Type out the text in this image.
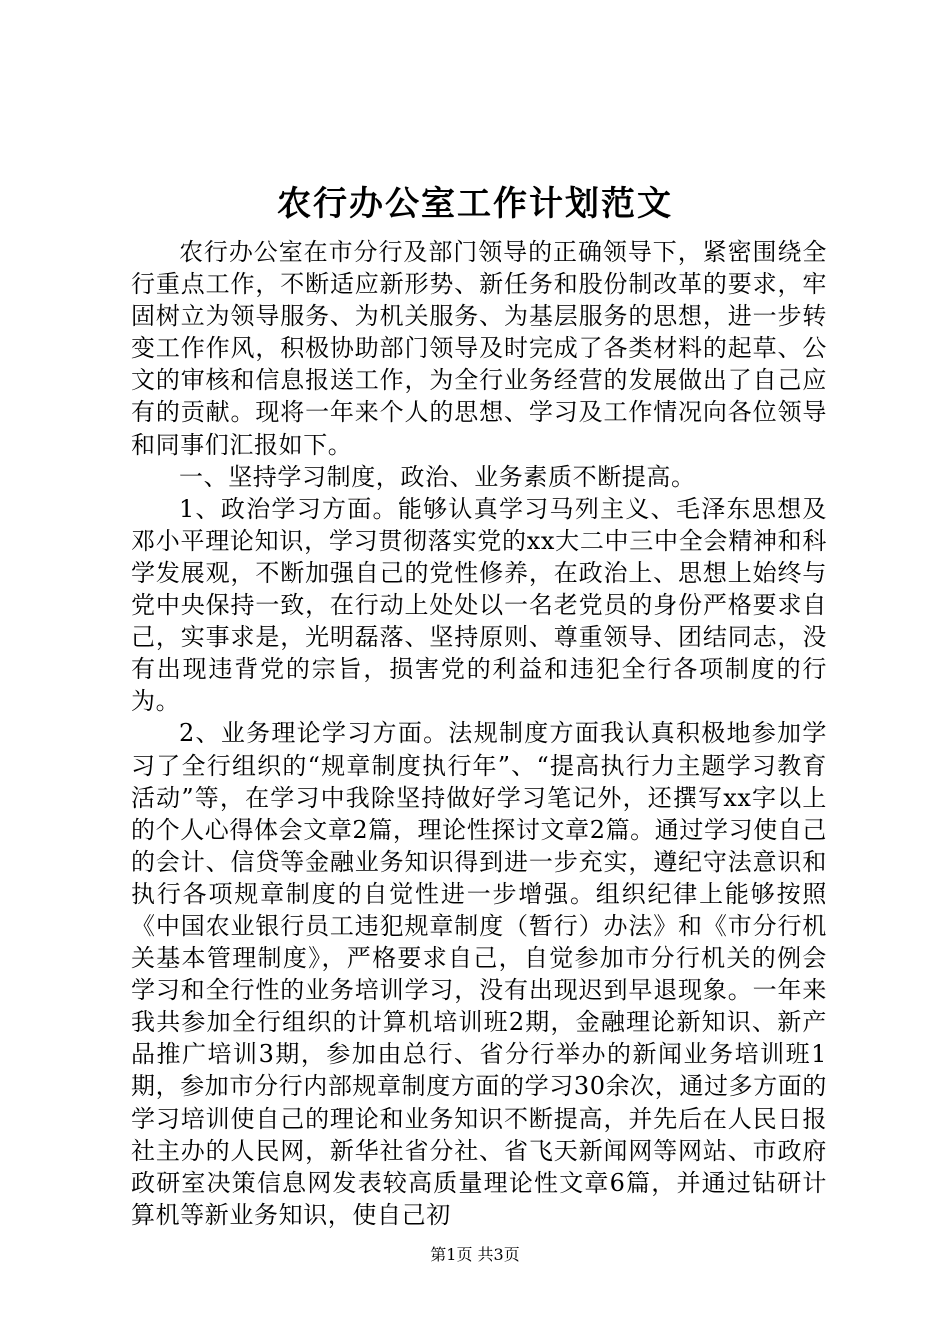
农行办公室工作计划范文

农行办公室在市分行及部门领导的正确领导下，紧密围绕全行重点工作，不断适应新形势、新任务和股份制改革的要求，牢固树立为领导服务、为机关服务、为基层服务的思想，进一步转变工作作风，积极协助部门领导及时完成了各类材料的起草、公文的审核和信息报送工作，为全行业务经营的发展做出了自己应有的贡献。现将一年来个人的思想、学习及工作情况向各位领导和同事们汇报如下。

一、坚持学习制度，政治、业务素质不断提高。

1、政治学习方面。能够认真学习马列主义、毛泽东思想及邓小平理论知识，学习贯彻落实党的xx大二中三中全会精神和科学发展观，不断加强自己的党性修养，在政治上、思想上始终与党中央保持一致，在行动上处处以一名老党员的身份严格要求自己，实事求是，光明磊落、坚持原则、尊重领导、团结同志，没有出现违背党的宗旨，损害党的利益和违犯全行各项制度的行为。

2、业务理论学习方面。法规制度方面我认真积极地参加学习了全行组织的“规章制度执行年”、“提高执行力主题学习教育活动”等，在学习中我除坚持做好学习笔记外，还撰写xx字以上的个人心得体会文章2篇，理论性探讨文章2篇。通过学习使自己的会计、信贷等金融业务知识得到进一步充实，遵纪守法意识和执行各项规章制度的自觉性进一步增强。组织纪律上能够按照《中国农业银行员工违犯规章制度（暂行）办法》和《市分行机关基本管理制度》，严格要求自己，自觉参加市分行机关的例会学习和全行性的业务培训学习，没有出现迟到早退现象。一年来我共参加全行组织的计算机培训班2期，金融理论新知识、新产品推广培训3期，参加由总行、省分行举办的新闻业务培训班1期，参加市分行内部规章制度方面的学习30余次，通过多方面的学习培训使自己的理论和业务知识不断提高，并先后在人民日报社主办的人民网，新华社省分社、省飞天新闻网等网站、市政府政研室决策信息网发表较高质量理论性文章6篇，并通过钻研计算机等新业务知识，使自己初

第1页 共3页
